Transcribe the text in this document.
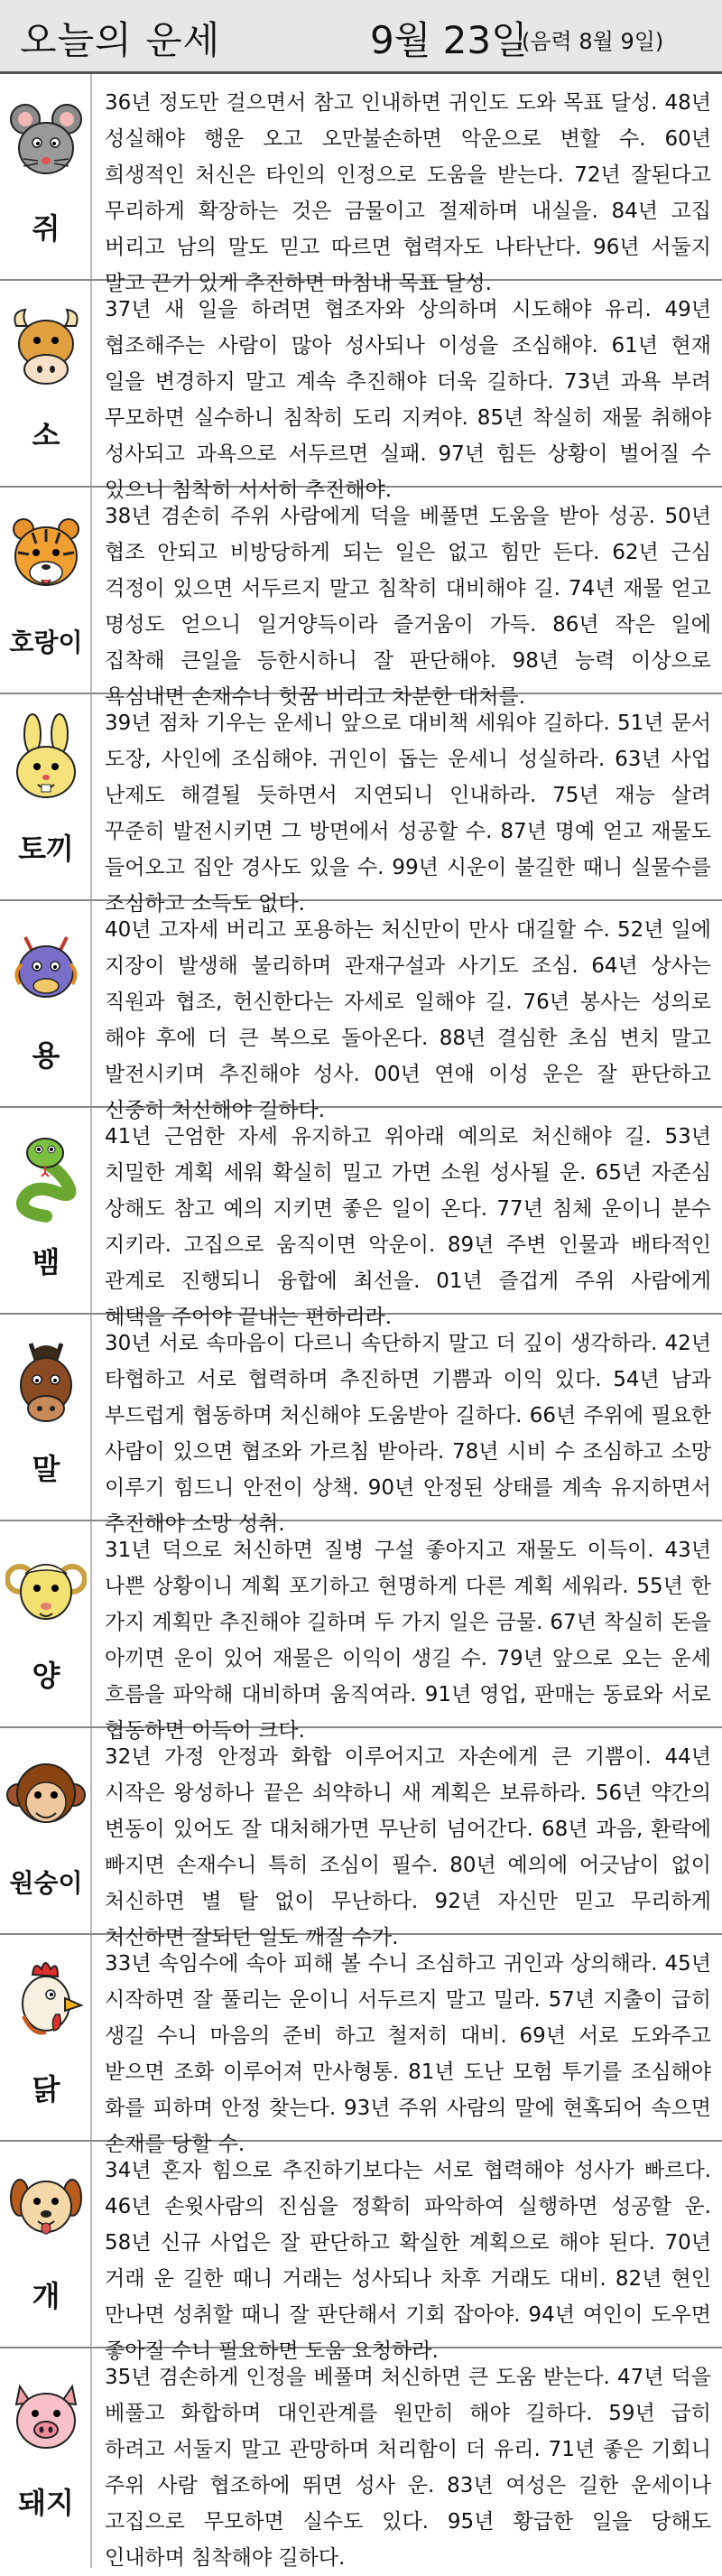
오늘의 운세	9월 23일
(음력 8월 9일)
쥐

36년 정도만 걸으면서 참고 인내하면 귀인도 도와 목표 달성. 48년 성실해야 행운 오고 오만불손하면 악운으로 변할 수. 60년 희생적인 처신은 타인의 인정으로 도움을 받는다. 72년 잘된다고 무리하게 확장하는 것은 금물이고 절제하며 내실을. 84년 고집 버리고 남의 말도 믿고 따르면 협력자도 나타난다. 96년 서둘지 말고 끈기 있게 추진하면 마침내 목표 달성.

소

37년 새 일을 하려면 협조자와 상의하며 시도해야 유리. 49년 협조해주는 사람이 많아 성사되나 이성을 조심해야. 61년 현재 일을 변경하지 말고 계속 추진해야 더욱 길하다. 73년 과욕 부려 무모하면 실수하니 침착히 도리 지켜야. 85년 착실히 재물 취해야 성사되고 과욕으로 서두르면 실패. 97년 힘든 상황이 벌어질 수 있으니 침착히 서서히 추진해야.

호랑이

38년 겸손히 주위 사람에게 덕을 베풀면 도움을 받아 성공. 50년 협조 안되고 비방당하게 되는 일은 없고 힘만 든다. 62년 근심 걱정이 있으면 서두르지 말고 침착히 대비해야 길. 74년 재물 얻고 명성도 얻으니 일거양득이라 즐거움이 가득. 86년 작은 일에 집착해 큰일을 등한시하니 잘 판단해야. 98년 능력 이상으로 욕심내면 손재수니 헛꿈 버리고 차분한 대처를.

토끼

39년 점차 기우는 운세니 앞으로 대비책 세워야 길하다. 51년 문서 도장, 사인에 조심해야. 귀인이 돕는 운세니 성실하라. 63년 사업 난제도 해결될 듯하면서 지연되니 인내하라. 75년 재능 살려 꾸준히 발전시키면 그 방면에서 성공할 수. 87년 명예 얻고 재물도 들어오고 집안 경사도 있을 수. 99년 시운이 불길한 때니 실물수를 조심하고 소득도 없다.

용

40년 고자세 버리고 포용하는 처신만이 만사 대길할 수. 52년 일에 지장이 발생해 불리하며 관재구설과 사기도 조심. 64년 상사는 직원과 협조, 헌신한다는 자세로 일해야 길. 76년 봉사는 성의로 해야 후에 더 큰 복으로 돌아온다. 88년 결심한 초심 변치 말고 발전시키며 추진해야 성사. 00년 연애 이성 운은 잘 판단하고 신중히 처신해야 길하다.

뱀

41년 근엄한 자세 유지하고 위아래 예의로 처신해야 길. 53년 치밀한 계획 세워 확실히 밀고 가면 소원 성사될 운. 65년 자존심 상해도 참고 예의 지키면 좋은 일이 온다. 77년 침체 운이니 분수 지키라. 고집으로 움직이면 악운이. 89년 주변 인물과 배타적인 관계로 진행되니 융합에 최선을. 01년 즐겁게 주위 사람에게 혜택을 주어야 끝내는 편하리라.

말

30년 서로 속마음이 다르니 속단하지 말고 더 깊이 생각하라. 42년 타협하고 서로 협력하며 추진하면 기쁨과 이익 있다. 54년 남과 부드럽게 협동하며 처신해야 도움받아 길하다. 66년 주위에 필요한 사람이 있으면 협조와 가르침 받아라. 78년 시비 수 조심하고 소망 이루기 힘드니 안전이 상책. 90년 안정된 상태를 계속 유지하면서 추진해야 소망 성취.

양

31년 덕으로 처신하면 질병 구설 좋아지고 재물도 이득이. 43년 나쁜 상황이니 계획 포기하고 현명하게 다른 계획 세워라. 55년 한 가지 계획만 추진해야 길하며 두 가지 일은 금물. 67년 착실히 돈을 아끼면 운이 있어 재물은 이익이 생길 수. 79년 앞으로 오는 운세 흐름을 파악해 대비하며 움직여라. 91년 영업, 판매는 동료와 서로 협동하면 이득이 크다.

원숭이

32년 가정 안정과 화합 이루어지고 자손에게 큰 기쁨이. 44년 시작은 왕성하나 끝은 쇠약하니 새 계획은 보류하라. 56년 약간의 변동이 있어도 잘 대처해가면 무난히 넘어간다. 68년 과음, 환락에 빠지면 손재수니 특히 조심이 필수. 80년 예의에 어긋남이 없이 처신하면 별 탈 없이 무난하다. 92년 자신만 믿고 무리하게 처신하면 잘되던 일도 깨질 수가.

닭

33년 속임수에 속아 피해 볼 수니 조심하고 귀인과 상의해라. 45년 시작하면 잘 풀리는 운이니 서두르지 말고 밀라. 57년 지출이 급히 생길 수니 마음의 준비 하고 철저히 대비. 69년 서로 도와주고 받으면 조화 이루어져 만사형통. 81년 도난 모험 투기를 조심해야 화를 피하며 안정 찾는다. 93년 주위 사람의 말에 현혹되어 속으면 손재를 당할 수.

개

34년 혼자 힘으로 추진하기보다는 서로 협력해야 성사가 빠르다. 46년 손윗사람의 진심을 정확히 파악하여 실행하면 성공할 운. 58년 신규 사업은 잘 판단하고 확실한 계획으로 해야 된다. 70년 거래 운 길한 때니 거래는 성사되나 차후 거래도 대비. 82년 현인 만나면 성취할 때니 잘 판단해서 기회 잡아야. 94년 여인이 도우면 좋아질 수니 필요하면 도움 요청하라.

돼지

35년 겸손하게 인정을 베풀며 처신하면 큰 도움 받는다. 47년 덕을 베풀고 화합하며 대인관계를 원만히 해야 길하다. 59년 급히 하려고 서둘지 말고 관망하며 처리함이 더 유리. 71년 좋은 기회니 주위 사람 협조하에 뛰면 성사 운. 83년 여성은 길한 운세이나 고집으로 무모하면 실수도 있다. 95년 황급한 일을 당해도 인내하며 침착해야 길하다.
